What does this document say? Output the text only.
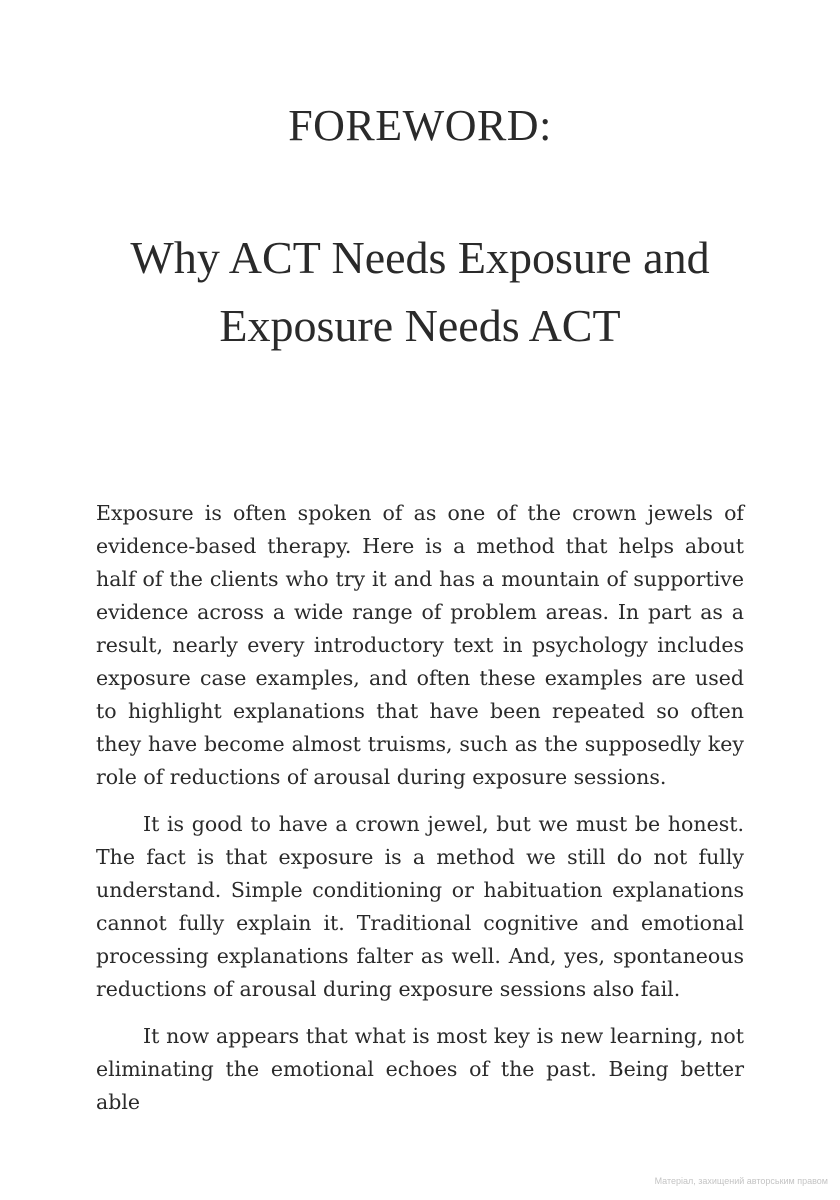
FOREWORD:
Why ACT Needs Exposure and Exposure Needs ACT

Exposure is often spoken of as one of the crown jewels of evidence-based therapy. Here is a method that helps about half of the clients who try it and has a mountain of supportive evidence across a wide range of problem areas. In part as a result, nearly every introductory text in psychology includes exposure case examples, and often these examples are used to highlight explanations that have been repeated so often they have become almost truisms, such as the supposedly key role of reductions of arousal during exposure sessions.

It is good to have a crown jewel, but we must be honest. The fact is that exposure is a method we still do not fully understand. Simple conditioning or habituation explanations cannot fully explain it. Traditional cognitive and emotional processing explanations falter as well. And, yes, spontaneous reductions of arousal during exposure sessions also fail.

It now appears that what is most key is new learning, not eliminating the emotional echoes of the past. Being better able

Матеріал, захищений авторським правом
